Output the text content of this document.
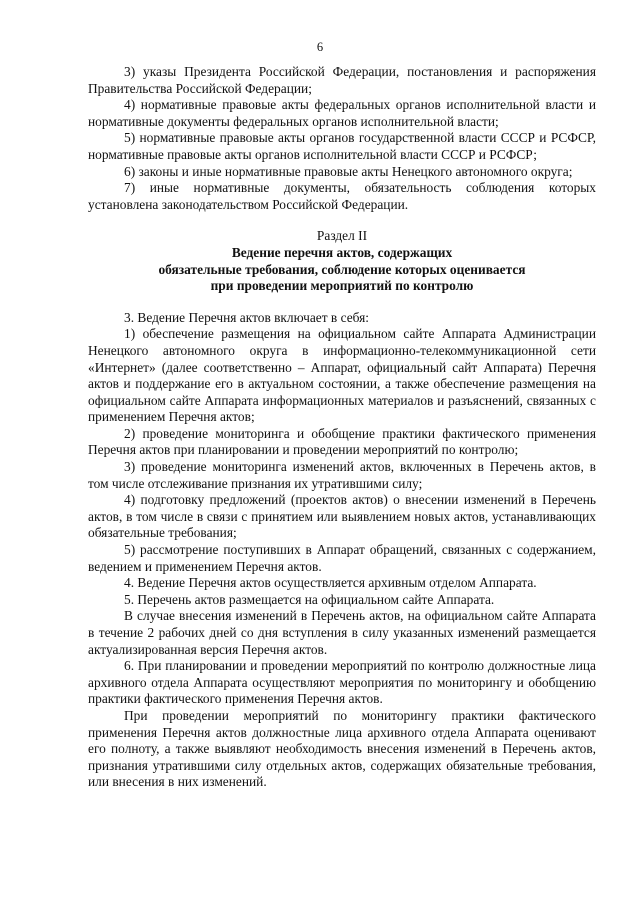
6

3) указы Президента Российской Федерации, постановления и распоряжения Правительства Российской Федерации;

4) нормативные правовые акты федеральных органов исполнительной власти и нормативные документы федеральных органов исполнительной власти;

5) нормативные правовые акты органов государственной власти СССР и РСФСР, нормативные правовые акты органов исполнительной власти СССР и РСФСР;

6) законы и иные нормативные правовые акты Ненецкого автономного округа;

7) иные нормативные документы, обязательность соблюдения которых установлена законодательством Российской Федерации.

Раздел II
Ведение перечня актов, содержащих
обязательные требования, соблюдение которых оценивается
при проведении мероприятий по контролю

3. Ведение Перечня актов включает в себя:

1) обеспечение размещения на официальном сайте Аппарата Администрации Ненецкого автономного округа в информационно-телекоммуникационной сети «Интернет» (далее соответственно – Аппарат, официальный сайт Аппарата) Перечня актов и поддержание его в актуальном состоянии, а также обеспечение размещения на официальном сайте Аппарата информационных материалов и разъяснений, связанных с применением Перечня актов;

2) проведение мониторинга и обобщение практики фактического применения Перечня актов при планировании и проведении мероприятий по контролю;

3) проведение мониторинга изменений актов, включенных в Перечень актов, в том числе отслеживание признания их утратившими силу;

4) подготовку предложений (проектов актов) о внесении изменений в Перечень актов, в том числе в связи с принятием или выявлением новых актов, устанавливающих обязательные требования;

5) рассмотрение поступивших в Аппарат обращений, связанных с содержанием, ведением и применением Перечня актов.

4. Ведение Перечня актов осуществляется архивным отделом Аппарата.

5. Перечень актов размещается на официальном сайте Аппарата.

В случае внесения изменений в Перечень актов, на официальном сайте Аппарата в течение 2 рабочих дней со дня вступления в силу указанных изменений размещается актуализированная версия Перечня актов.

6. При планировании и проведении мероприятий по контролю должностные лица архивного отдела Аппарата осуществляют мероприятия по мониторингу и обобщению практики фактического применения Перечня актов.

При проведении мероприятий по мониторингу практики фактического применения Перечня актов должностные лица архивного отдела Аппарата оценивают его полноту, а также выявляют необходимость внесения изменений в Перечень актов, признания утратившими силу отдельных актов, содержащих обязательные требования, или внесения в них изменений.
